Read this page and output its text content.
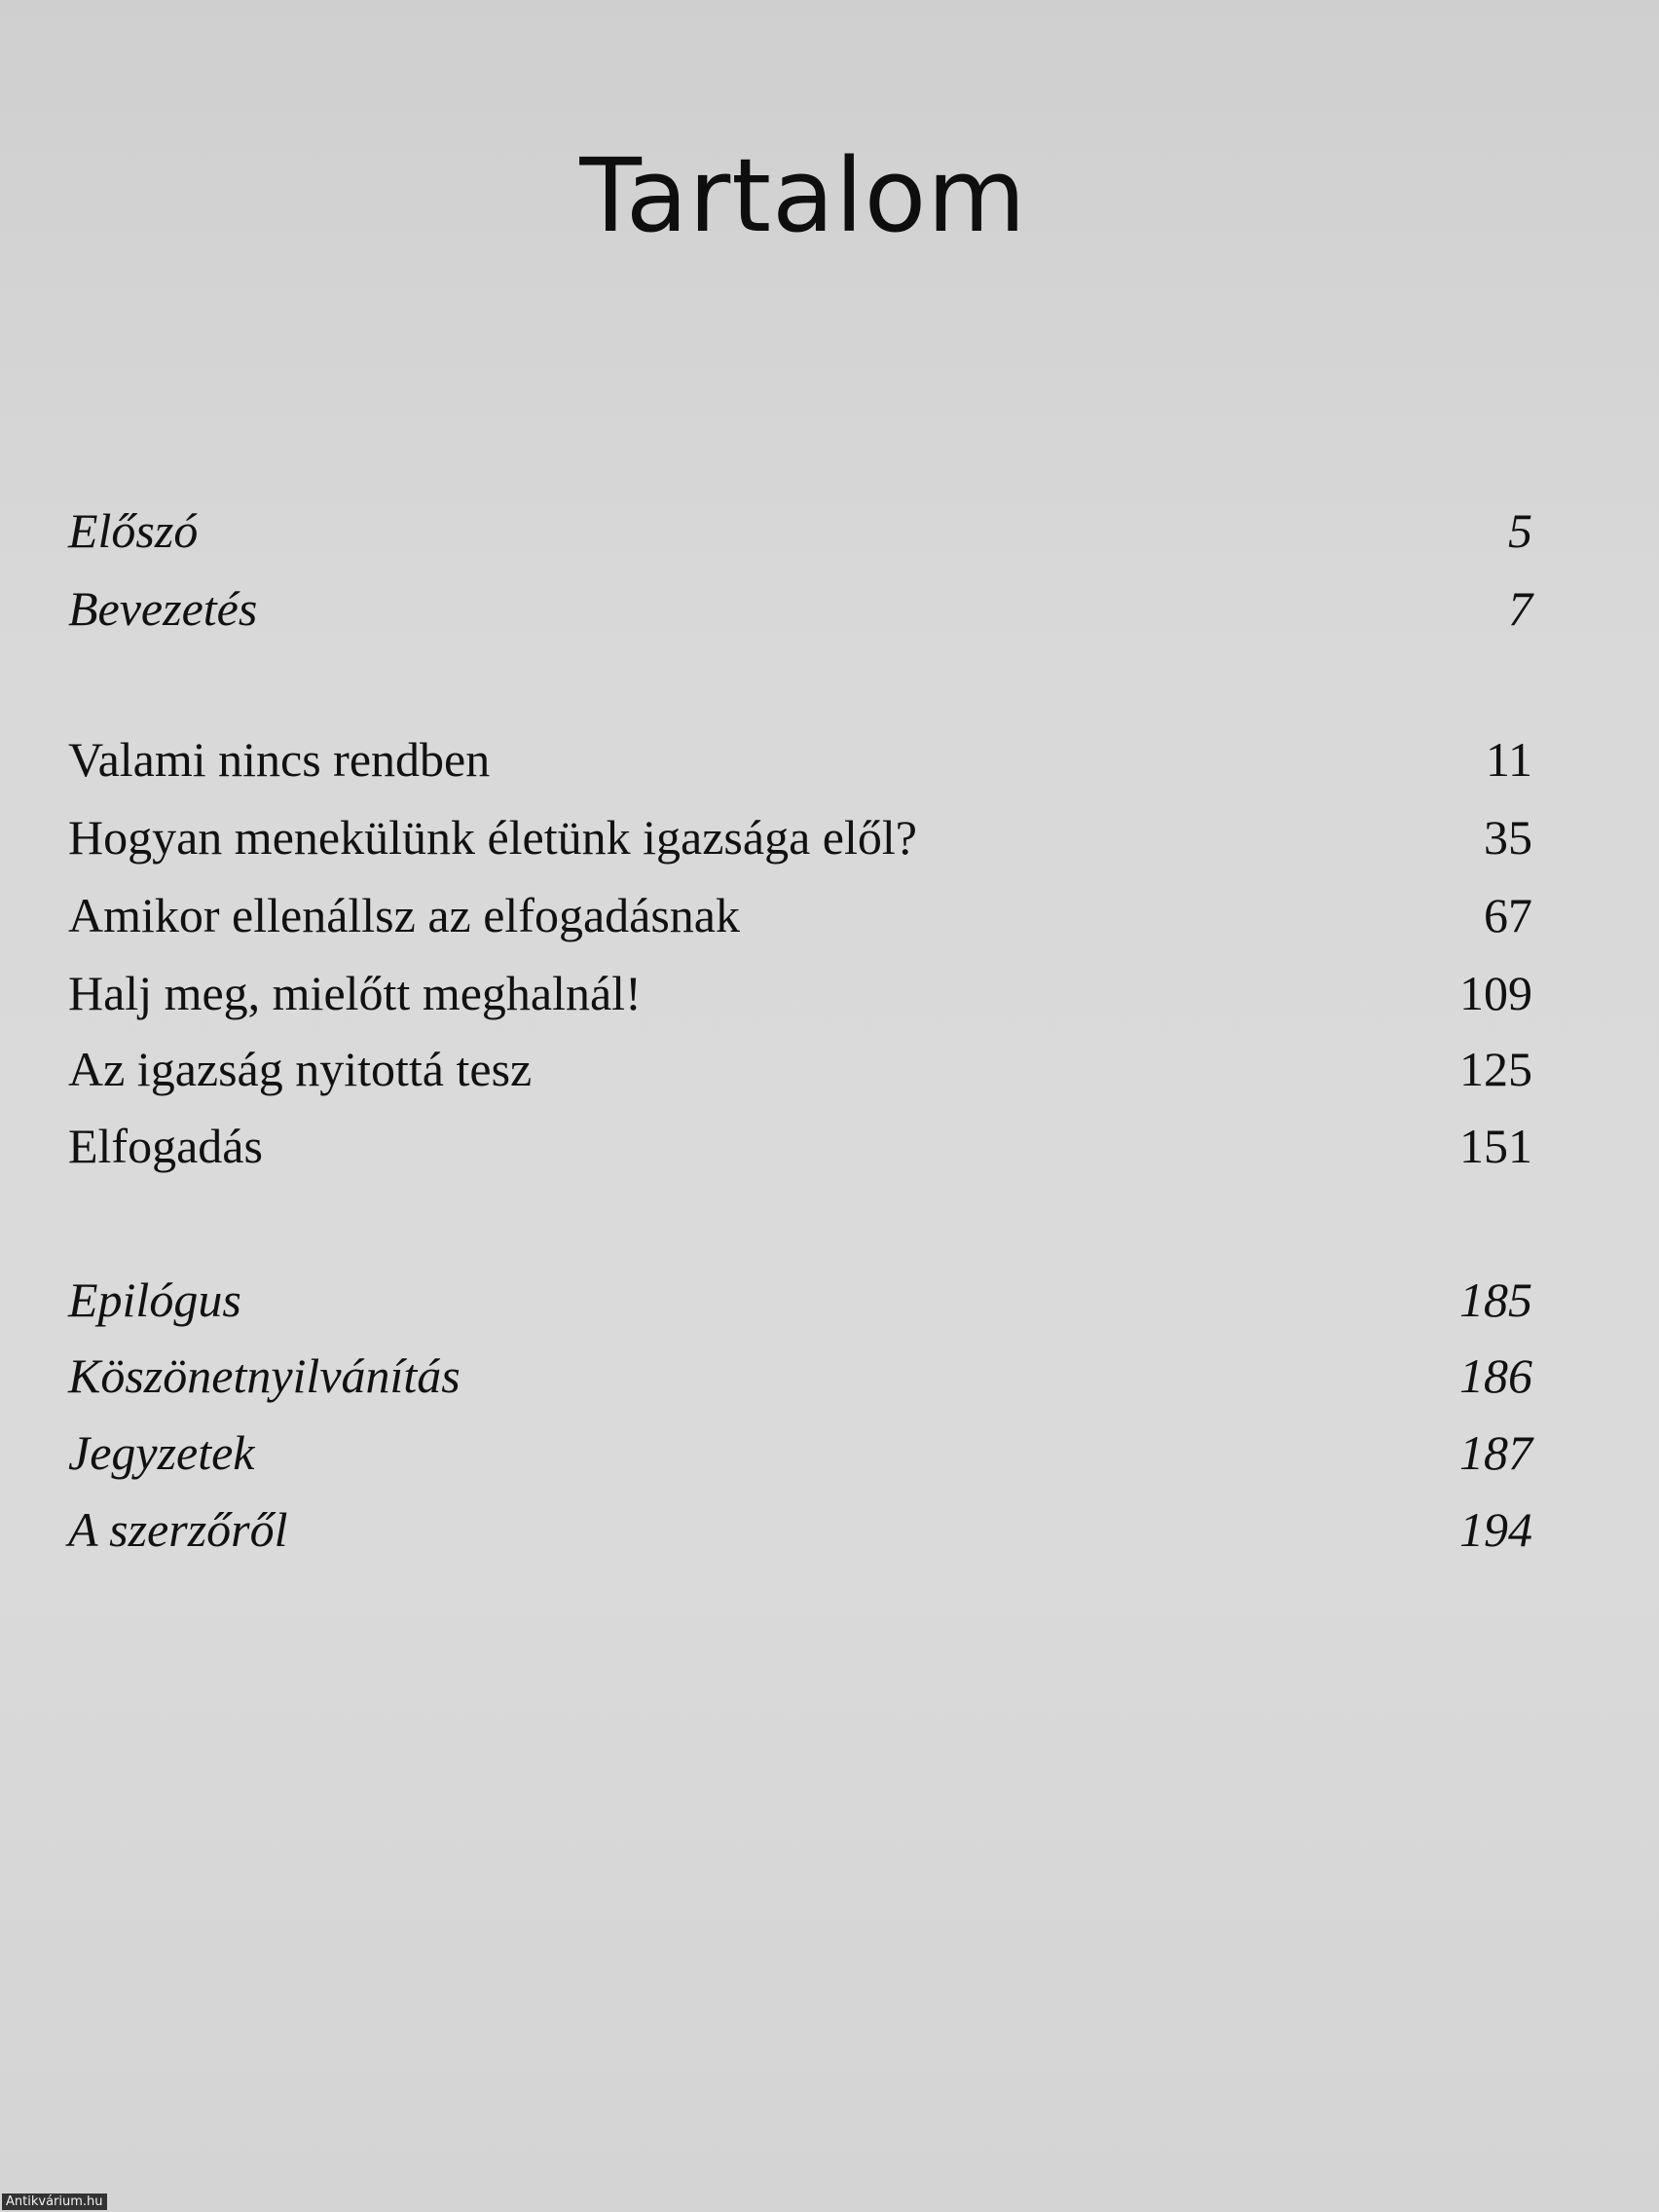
Tartalom
Előszó	5
Bevezetés	7
Valami nincs rendben	11
Hogyan menekülünk életünk igazsága elől?	35
Amikor ellenállsz az elfogadásnak	67
Halj meg, mielőtt meghalnál!	109
Az igazság nyitottá tesz	125
Elfogadás	151
Epilógus	185
Köszönetnyilvánítás	186
Jegyzetek	187
A szerzőről	194
Antikvárium.hu
